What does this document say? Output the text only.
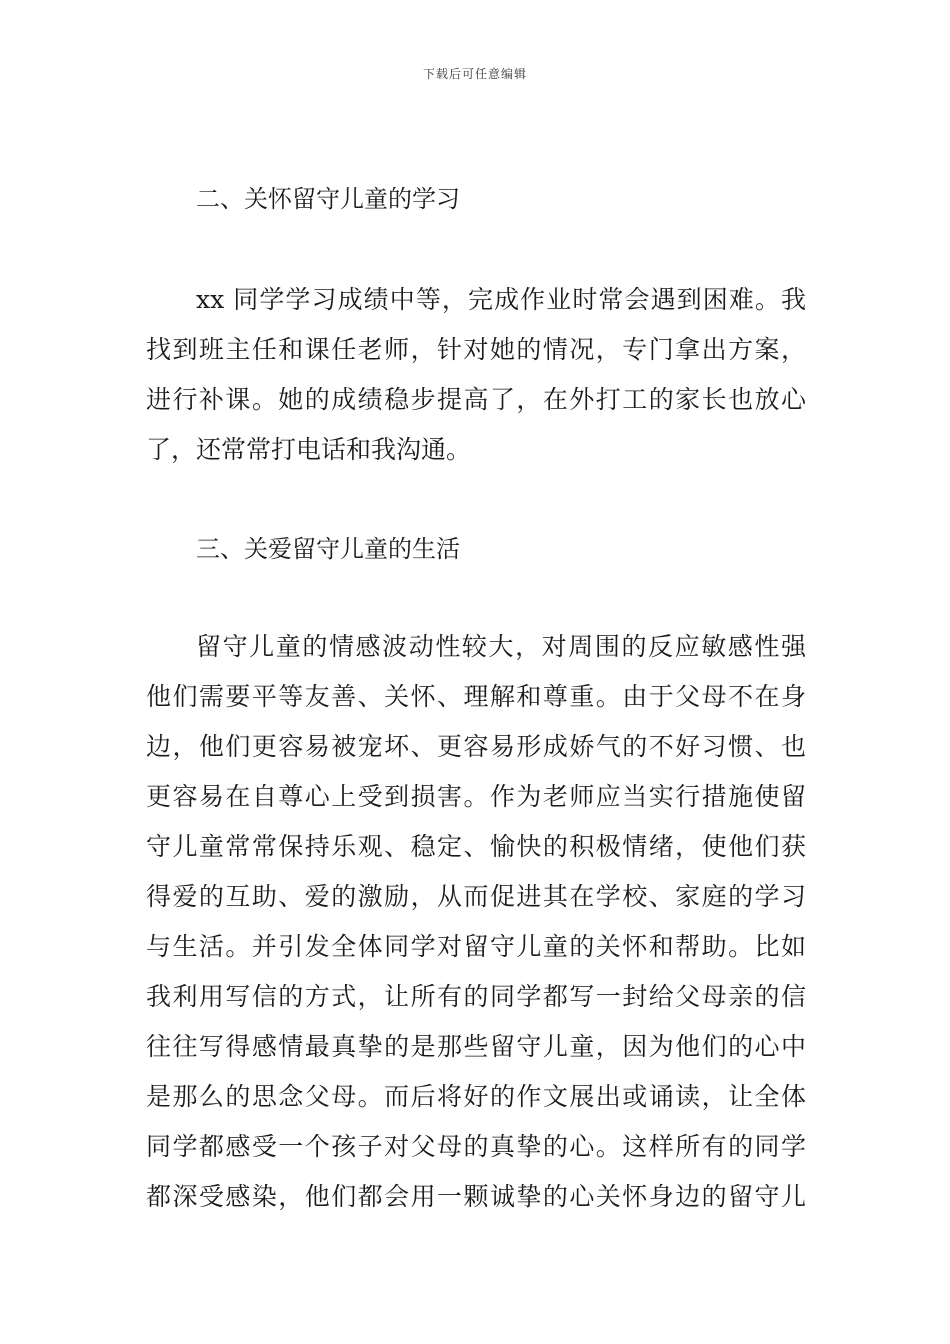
下载后可任意编辑
二、关怀留守儿童的学习
xx 同学学习成绩中等，完成作业时常会遇到困难。我
找到班主任和课任老师，针对她的情况，专门拿出方案，
进行补课。她的成绩稳步提高了，在外打工的家长也放心
了，还常常打电话和我沟通。
三、关爱留守儿童的生活
留守儿童的情感波动性较大，对周围的反应敏感性强
他们需要平等友善、关怀、理解和尊重。由于父母不在身
边，他们更容易被宠坏、更容易形成娇气的不好习惯、也
更容易在自尊心上受到损害。作为老师应当实行措施使留
守儿童常常保持乐观、稳定、愉快的积极情绪，使他们获
得爱的互助、爱的激励，从而促进其在学校、家庭的学习
与生活。并引发全体同学对留守儿童的关怀和帮助。比如
我利用写信的方式，让所有的同学都写一封给父母亲的信
往往写得感情最真挚的是那些留守儿童，因为他们的心中
是那么的思念父母。而后将好的作文展出或诵读，让全体
同学都感受一个孩子对父母的真挚的心。这样所有的同学
都深受感染，他们都会用一颗诚挚的心关怀身边的留守儿
